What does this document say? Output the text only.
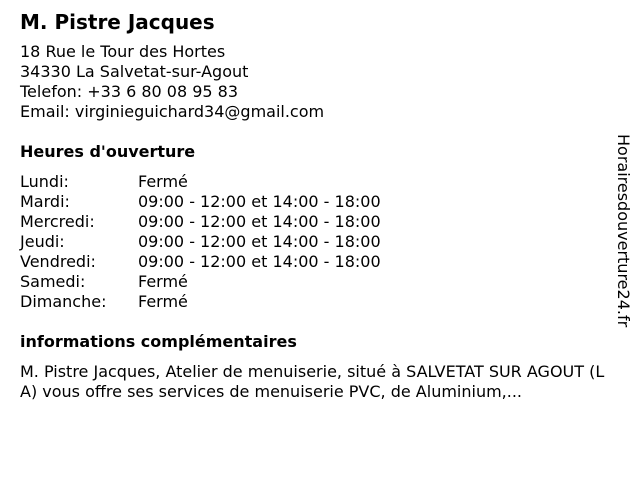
M. Pistre Jacques
18 Rue le Tour des Hortes
34330 La Salvetat-sur-Agout
Telefon: +33 6 80 08 95 83
Email: virginieguichard34@gmail.com
Heures d'ouverture
Lundi:	Fermé
Mardi:	09:00 - 12:00 et 14:00 - 18:00
Mercredi:	09:00 - 12:00 et 14:00 - 18:00
Jeudi:	09:00 - 12:00 et 14:00 - 18:00
Vendredi:	09:00 - 12:00 et 14:00 - 18:00
Samedi:	Fermé
Dimanche:	Fermé
informations complémentaires
M. Pistre Jacques, Atelier de menuiserie, situé à SALVETAT SUR AGOUT (LA) vous offre ses services de menuiserie PVC, de Aluminium,...
Horairesdouverture24.fr
